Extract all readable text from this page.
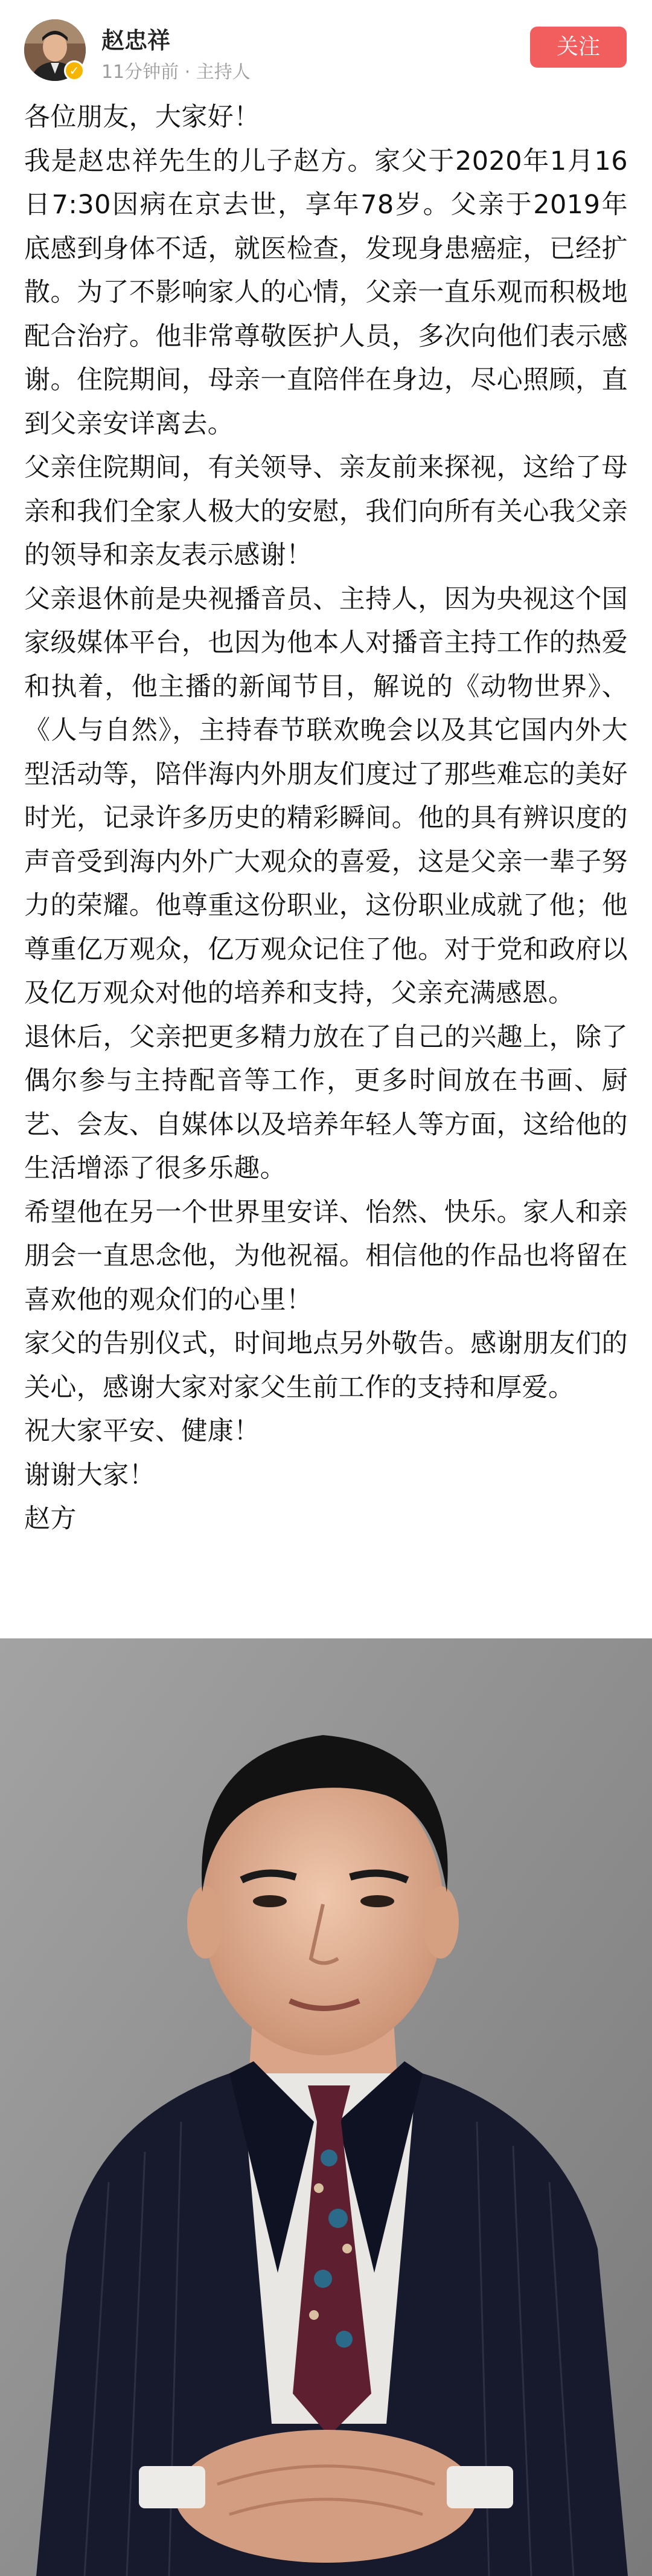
✓
赵忠祥
11分钟前 · 主持人
关注

各位朋友，大家好！

我是赵忠祥先生的儿子赵方。家父于2020年1月16日7:30因病在京去世，享年78岁。父亲于2019年底感到身体不适，就医检查，发现身患癌症，已经扩散。为了不影响家人的心情，父亲一直乐观而积极地配合治疗。他非常尊敬医护人员，多次向他们表示感谢。住院期间，母亲一直陪伴在身边，尽心照顾，直到父亲安详离去。

父亲住院期间，有关领导、亲友前来探视，这给了母亲和我们全家人极大的安慰，我们向所有关心我父亲的领导和亲友表示感谢！

父亲退休前是央视播音员、主持人，因为央视这个国家级媒体平台，也因为他本人对播音主持工作的热爱和执着，他主播的新闻节目，解说的《动物世界》、《人与自然》，主持春节联欢晚会以及其它国内外大型活动等，陪伴海内外朋友们度过了那些难忘的美好时光，记录许多历史的精彩瞬间。他的具有辨识度的声音受到海内外广大观众的喜爱，这是父亲一辈子努力的荣耀。他尊重这份职业，这份职业成就了他；他尊重亿万观众，亿万观众记住了他。对于党和政府以及亿万观众对他的培养和支持，父亲充满感恩。

退休后，父亲把更多精力放在了自己的兴趣上，除了偶尔参与主持配音等工作，更多时间放在书画、厨艺、会友、自媒体以及培养年轻人等方面，这给他的生活增添了很多乐趣。

希望他在另一个世界里安详、怡然、快乐。家人和亲朋会一直思念他，为他祝福。相信他的作品也将留在喜欢他的观众们的心里！

家父的告别仪式，时间地点另外敬告。感谢朋友们的关心，感谢大家对家父生前工作的支持和厚爱。

祝大家平安、健康！

谢谢大家！

赵方
